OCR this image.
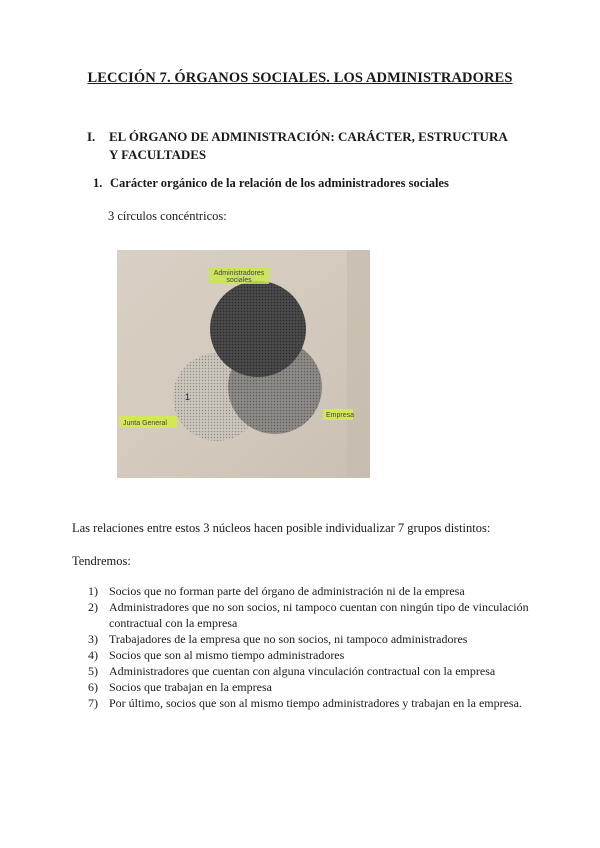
LECCIÓN 7. ÓRGANOS SOCIALES. LOS ADMINISTRADORES
I. EL ÓRGANO DE ADMINISTRACIÓN: CARÁCTER, ESTRUCTURA Y FACULTADES
1. Carácter orgánico de la relación de los administradores sociales
3 círculos concéntricos:
Administradores
sociales
Junta General
Empresa
1
Las relaciones entre estos 3 núcleos hacen posible individualizar 7 grupos distintos:
Tendremos:
1) Socios que no forman parte del órgano de administración ni de la empresa
2) Administradores que no son socios, ni tampoco cuentan con ningún tipo de vinculación contractual con la empresa
3) Trabajadores de la empresa que no son socios, ni tampoco administradores
4) Socios que son al mismo tiempo administradores
5) Administradores que cuentan con alguna vinculación contractual con la empresa
6) Socios que trabajan en la empresa
7) Por último, socios que son al mismo tiempo administradores y trabajan en la empresa.
